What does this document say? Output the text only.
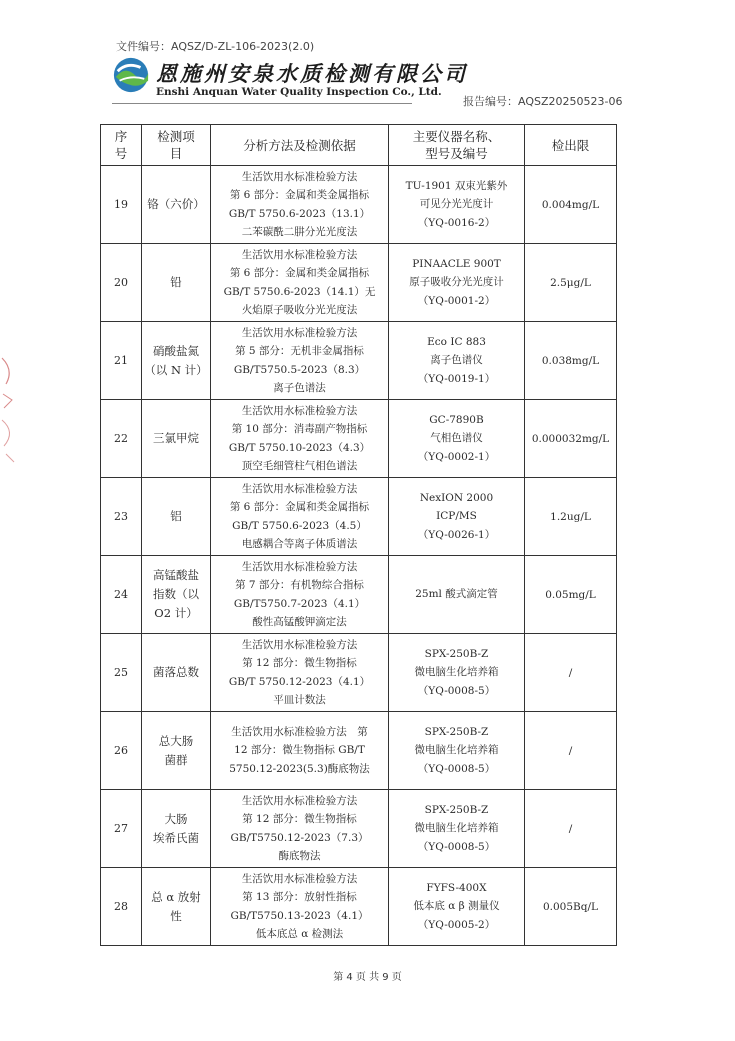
文件编号：AQSZ/D-ZL-106-2023(2.0)
恩施州安泉水质检测有限公司
Enshi Anquan Water Quality Inspection Co., Ltd.
报告编号：AQSZ20250523-06
序
号	检测项
目	分析方法及检测依据	主要仪器名称、
型号及编号	检出限
19	铬（六价）	生活饮用水标准检验方法
第 6 部分：金属和类金属指标
GB/T 5750.6-2023（13.1）
二苯碳酰二肼分光光度法	TU-1901 双束光紫外
可见分光光度计
（YQ-0016-2）	0.004mg/L
20	铅	生活饮用水标准检验方法
第 6 部分：金属和类金属指标
GB/T 5750.6-2023（14.1）无
火焰原子吸收分光光度法	PINAACLE 900T
原子吸收分光光度计
（YQ-0001-2）	2.5μg/L
21	硝酸盐氮
（以 N 计）	生活饮用水标准检验方法
第 5 部分：无机非金属指标
GB/T5750.5-2023（8.3）
离子色谱法	Eco IC 883
离子色谱仪
（YQ-0019-1）	0.038mg/L
22	三氯甲烷	生活饮用水标准检验方法
第 10 部分：消毒副产物指标
GB/T 5750.10-2023（4.3）
顶空毛细管柱气相色谱法	GC-7890B
气相色谱仪
（YQ-0002-1）	0.000032mg/L
23	铝	生活饮用水标准检验方法
第 6 部分：金属和类金属指标
GB/T 5750.6-2023（4.5）
电感耦合等离子体质谱法	NexION 2000
ICP/MS
（YQ-0026-1）	1.2ug/L
24	高锰酸盐
指数（以
O2 计）	生活饮用水标准检验方法
第 7 部分：有机物综合指标
GB/T5750.7-2023（4.1）
酸性高锰酸钾滴定法	25ml 酸式滴定管	0.05mg/L
25	菌落总数	生活饮用水标准检验方法
第 12 部分：微生物指标
GB/T 5750.12-2023（4.1）
平皿计数法	SPX-250B-Z
微电脑生化培养箱
（YQ-0008-5）	/
26	总大肠
菌群	生活饮用水标准检验方法　第
12 部分：微生物指标 GB/T
5750.12-2023(5.3)酶底物法	SPX-250B-Z
微电脑生化培养箱
（YQ-0008-5）	/
27	大肠
埃希氏菌	生活饮用水标准检验方法
第 12 部分：微生物指标
GB/T5750.12-2023（7.3）
酶底物法	SPX-250B-Z
微电脑生化培养箱
（YQ-0008-5）	/
28	总 α 放射
性	生活饮用水标准检验方法
第 13 部分：放射性指标
GB/T5750.13-2023（4.1）
低本底总 α 检测法	FYFS-400X
低本底 α β 测量仪
（YQ-0005-2）	0.005Bq/L
第 4 页 共 9 页
